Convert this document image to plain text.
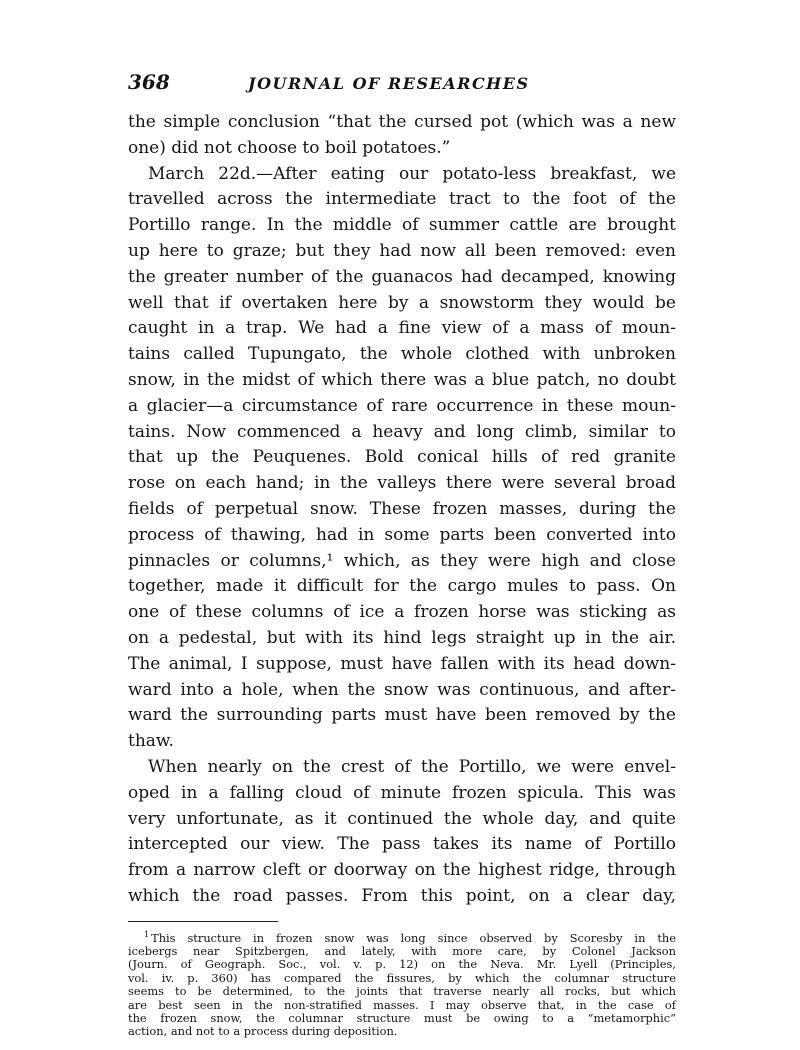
368	JOURNAL OF RESEARCHES
the simple conclusion “that the cursed pot (which was a new
one) did not choose to boil potatoes.”
March 22d.—After eating our potato-less breakfast, we
travelled across the intermediate tract to the foot of the
Portillo range. In the middle of summer cattle are brought
up here to graze; but they had now all been removed: even
the greater number of the guanacos had decamped, knowing
well that if overtaken here by a snowstorm they would be
caught in a trap. We had a fine view of a mass of moun-
tains called Tupungato, the whole clothed with unbroken
snow, in the midst of which there was a blue patch, no doubt
a glacier—a circumstance of rare occurrence in these moun-
tains. Now commenced a heavy and long climb, similar to
that up the Peuquenes. Bold conical hills of red granite
rose on each hand; in the valleys there were several broad
fields of perpetual snow. These frozen masses, during the
process of thawing, had in some parts been converted into
pinnacles or columns,¹ which, as they were high and close
together, made it difficult for the cargo mules to pass. On
one of these columns of ice a frozen horse was sticking as
on a pedestal, but with its hind legs straight up in the air.
The animal, I suppose, must have fallen with its head down-
ward into a hole, when the snow was continuous, and after-
ward the surrounding parts must have been removed by the
thaw.
When nearly on the crest of the Portillo, we were envel-
oped in a falling cloud of minute frozen spicula. This was
very unfortunate, as it continued the whole day, and quite
intercepted our view. The pass takes its name of Portillo
from a narrow cleft or doorway on the highest ridge, through
which the road passes. From this point, on a clear day,
$^1$ This structure in frozen snow was long since observed by Scoresby in the
icebergs near Spitzbergen, and lately, with more care, by Colonel Jackson
(Journ. of Geograph. Soc., vol. v. p. 12) on the Neva. Mr. Lyell (Principles,
vol. iv. p. 360) has compared the fissures, by which the columnar structure
seems to be determined, to the joints that traverse nearly all rocks, but which
are best seen in the non-stratified masses. I may observe that, in the case of
the frozen snow, the columnar structure must be owing to a “metamorphic”
action, and not to a process during deposition.
